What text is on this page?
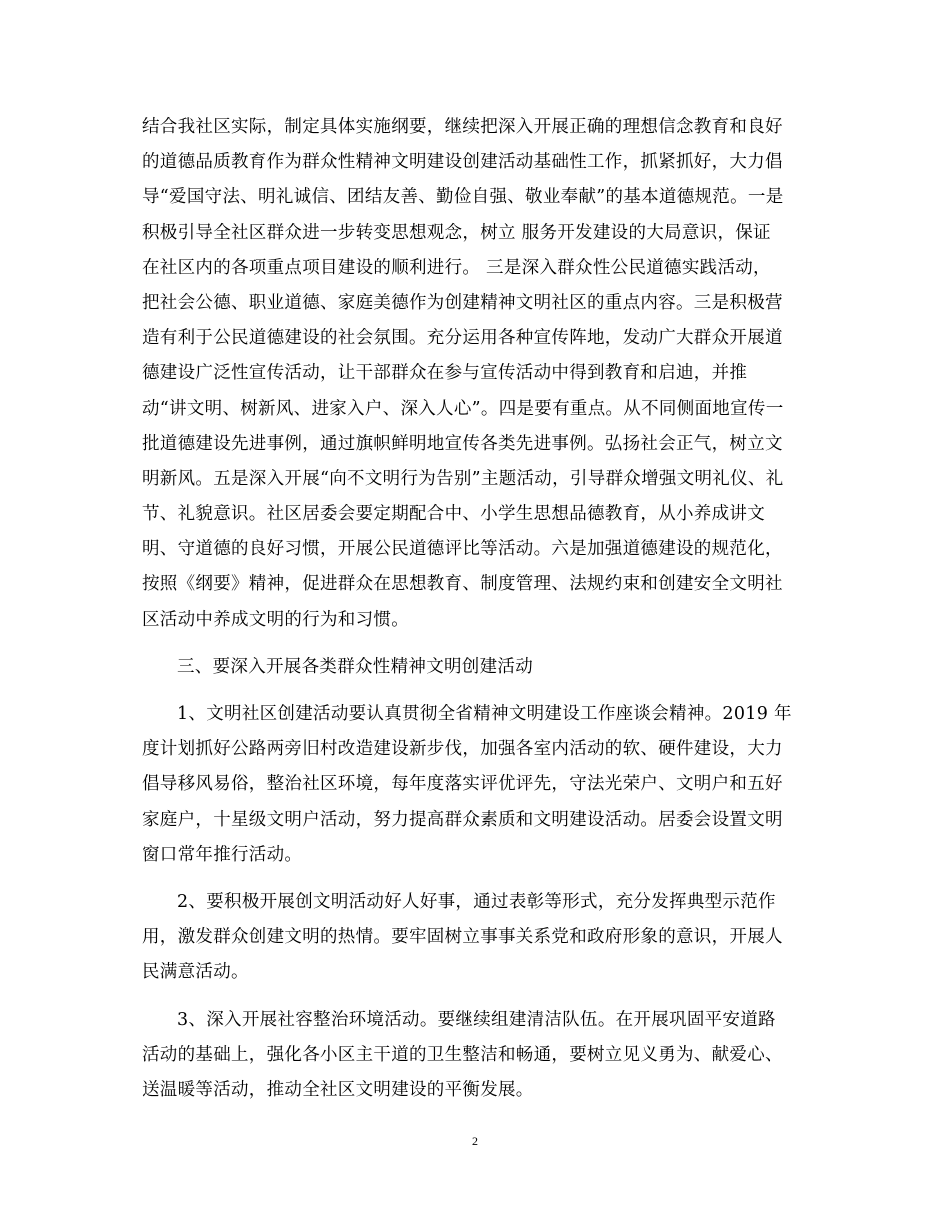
结合我社区实际，制定具体实施纲要，继续把深入开展正确的理想信念教育和良好
的道德品质教育作为群众性精神文明建设创建活动基础性工作，抓紧抓好，大力倡
导“爱国守法、明礼诚信、团结友善、勤俭自强、敬业奉献”的基本道德规范。一是
积极引导全社区群众进一步转变思想观念，树立 服务开发建设的大局意识，保证
在社区内的各项重点项目建设的顺利进行。 三是深入群众性公民道德实践活动，
把社会公德、职业道德、家庭美德作为创建精神文明社区的重点内容。三是积极营
造有利于公民道德建设的社会氛围。充分运用各种宣传阵地，发动广大群众开展道
德建设广泛性宣传活动，让干部群众在参与宣传活动中得到教育和启迪，并推
动“讲文明、树新风、进家入户、深入人心”。四是要有重点。从不同侧面地宣传一
批道德建设先进事例，通过旗帜鲜明地宣传各类先进事例。弘扬社会正气，树立文
明新风。五是深入开展“向不文明行为告别”主题活动，引导群众增强文明礼仪、礼
节、礼貌意识。社区居委会要定期配合中、小学生思想品德教育，从小养成讲文
明、守道德的良好习惯，开展公民道德评比等活动。六是加强道德建设的规范化，
按照《纲要》精神，促进群众在思想教育、制度管理、法规约束和创建安全文明社
区活动中养成文明的行为和习惯。

三、要深入开展各类群众性精神文明创建活动

1、文明社区创建活动要认真贯彻全省精神文明建设工作座谈会精神。2019 年
度计划抓好公路两旁旧村改造建设新步伐，加强各室内活动的软、硬件建设，大力
倡导移风易俗，整治社区环境，每年度落实评优评先，守法光荣户、文明户和五好
家庭户，十星级文明户活动，努力提高群众素质和文明建设活动。居委会设置文明
窗口常年推行活动。

2、要积极开展创文明活动好人好事，通过表彰等形式，充分发挥典型示范作
用，激发群众创建文明的热情。要牢固树立事事关系党和政府形象的意识，开展人
民满意活动。

3、深入开展社容整治环境活动。要继续组建清洁队伍。在开展巩固平安道路
活动的基础上，强化各小区主干道的卫生整洁和畅通，要树立见义勇为、献爱心、
送温暖等活动，推动全社区文明建设的平衡发展。

2
